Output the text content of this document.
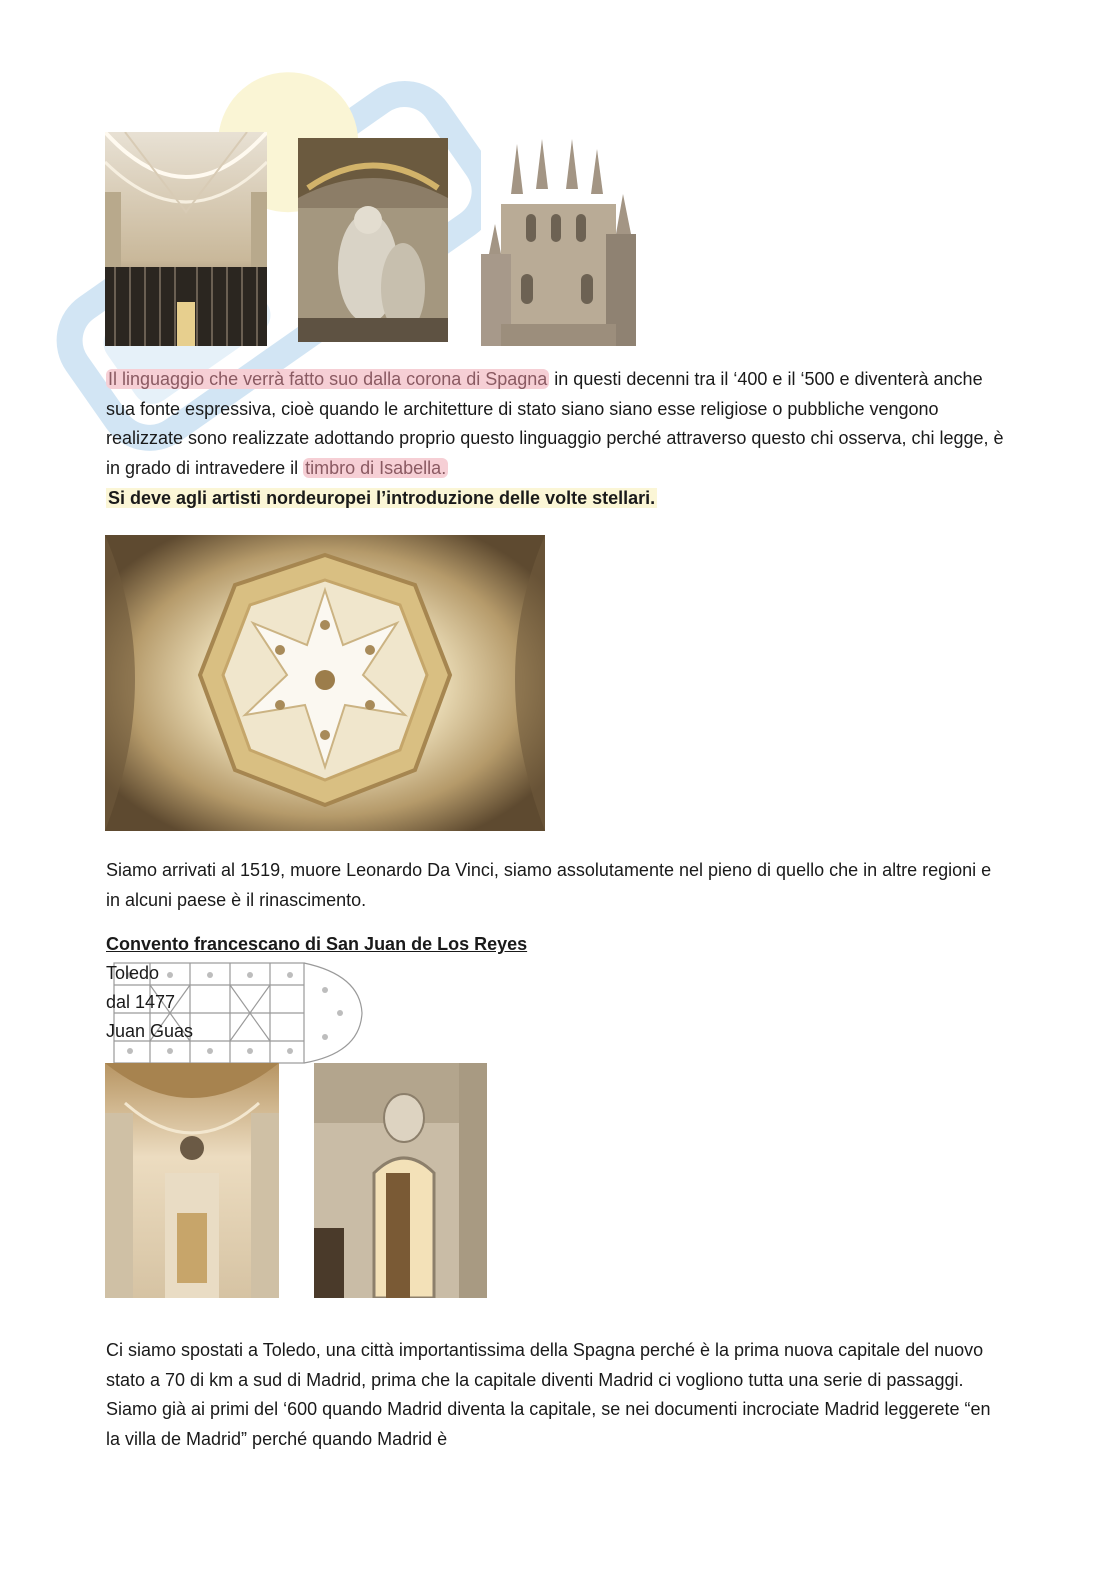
Il linguaggio che verrà fatto suo dalla corona di Spagna in questi decenni tra il ‘400 e il ‘500 e diventerà anche sua fonte espressiva, cioè quando le architetture di stato siano siano esse religiose o pubbliche vengono realizzate sono realizzate adottando proprio questo linguaggio perché attraverso questo chi osserva, chi legge, è in grado di intravedere il timbro di Isabella.

Si deve agli artisti nordeuropei l’introduzione delle volte stellari.

Siamo arrivati al 1519, muore Leonardo Da Vinci, siamo assolutamente nel pieno di quello che in altre regioni e in alcuni paese è il rinascimento.

Convento francescano di San Juan de Los Reyes
Toledo
dal 1477
Juan Guas

Ci siamo spostati a Toledo, una città importantissima della Spagna perché è la prima nuova capitale del nuovo stato a 70 di km a sud di Madrid, prima che la capitale diventi Madrid ci vogliono tutta una serie di passaggi. Siamo già ai primi del ‘600 quando Madrid diventa la capitale, se nei documenti incrociate Madrid leggerete “en la villa de Madrid” perché quando Madrid è
